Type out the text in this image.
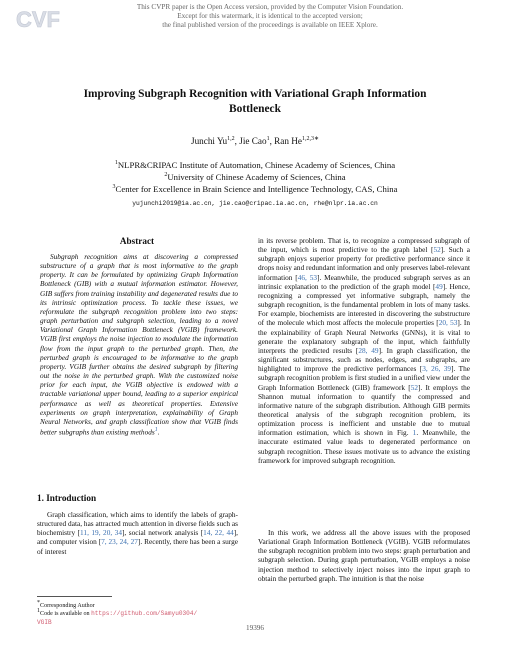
CVF	This CVPR paper is the Open Access version, provided by the Computer Vision Foundation.
Except for this watermark, it is identical to the accepted version;
the final published version of the proceedings is available on IEEE Xplore.
Improving Subgraph Recognition with Variational Graph Information
Bottleneck
Junchi Yu$^{1,2}$, Jie Cao$^1$, Ran $He^{1,2,3∗}$
$^1$NLPR&CRIPAC Institute of Automation, Chinese Academy of Sciences, China
$^2$University of Chinese Academy of Sciences, China
$^3$Center for Excellence in Brain Science and Intelligence Technology, CAS, China
yujunchi2019@ia.ac.cn, jie.cao@cripac.ia.ac.cn, rhe@nlpr.ia.ac.cn
Abstract
Subgraph recognition aims at discovering a compressed substructure of a graph that is most informative to the graph property. It can be formulated by optimizing Graph Information Bottleneck (GIB) with a mutual information estimator. However, GIB suffers from training instability and degenerated results due to its intrinsic optimization process. To tackle these issues, we reformulate the subgraph recognition problem into two steps: graph perturbation and subgraph selection, leading to a novel Variational Graph Information Bottleneck (VGIB) framework. VGIB first employs the noise injection to modulate the information flow from the input graph to the perturbed graph. Then, the perturbed graph is encouraged to be informative to the graph property. VGIB further obtains the desired subgraph by filtering out the noise in the perturbed graph. With the customized noise prior for each input, the VGIB objective is endowed with a tractable variational upper bound, leading to a superior empirical performance as well as theoretical properties. Extensive experiments on graph interpretation, explainability of Graph Neural Networks, and graph classification show that VGIB finds better subgraphs than existing methods$^1$.
1. Introduction
Graph classification, which aims to identify the labels of graph-structured data, has attracted much attention in diverse fields such as biochemistry [11, 19, 20, 34], social network analysis [14, 22, 44], and computer vision [7, 23, 24, 27]. Recently, there has been a surge of interest
in its reverse problem. That is, to recognize a compressed subgraph of the input, which is most predictive to the graph label [52]. Such a subgraph enjoys superior property for predictive performance since it drops noisy and redundant information and only preserves label-relevant information [46, 53]. Meanwhile, the produced subgraph serves as an intrinsic explanation to the prediction of the graph model [49]. Hence, recognizing a compressed yet informative subgraph, namely the subgraph recognition, is the fundamental problem in lots of many tasks. For example, biochemists are interested in discovering the substructure of the molecule which most affects the molecule properties [20, 53]. In the explainability of Graph Neural Networks (GNNs), it is vital to generate the explanatory subgraph of the input, which faithfully interprets the predicted results [28, 49]. In graph classification, the significant substructures, such as nodes, edges, and subgraphs, are highlighted to improve the predictive performances [3, 26, 39]. The subgraph recognition problem is first studied in a unified view under the Graph Information Bottleneck (GIB) framework [52]. It employs the Shannon mutual information to quantify the compressed and informative nature of the subgraph distribution. Although GIB permits theoretical analysis of the subgraph recognition problem, its optimization process is inefficient and unstable due to mutual information estimation, which is shown in Fig. 1. Meanwhile, the inaccurate estimated value leads to degenerated performance on subgraph recognition. These issues motivate us to advance the existing framework for improved subgraph recognition.
In this work, we address all the above issues with the proposed Variational Graph Information Bottleneck (VGIB). VGIB reformulates the subgraph recognition problem into two steps: graph perturbation and subgraph selection. During graph perturbation, VGIB employs a noise injection method to selectively inject noises into the input graph to obtain the perturbed graph. The intuition is that the noise
*Corresponding Author
$^1$Code is available on https://github.com/Samyu0304/
VGIB
19396
